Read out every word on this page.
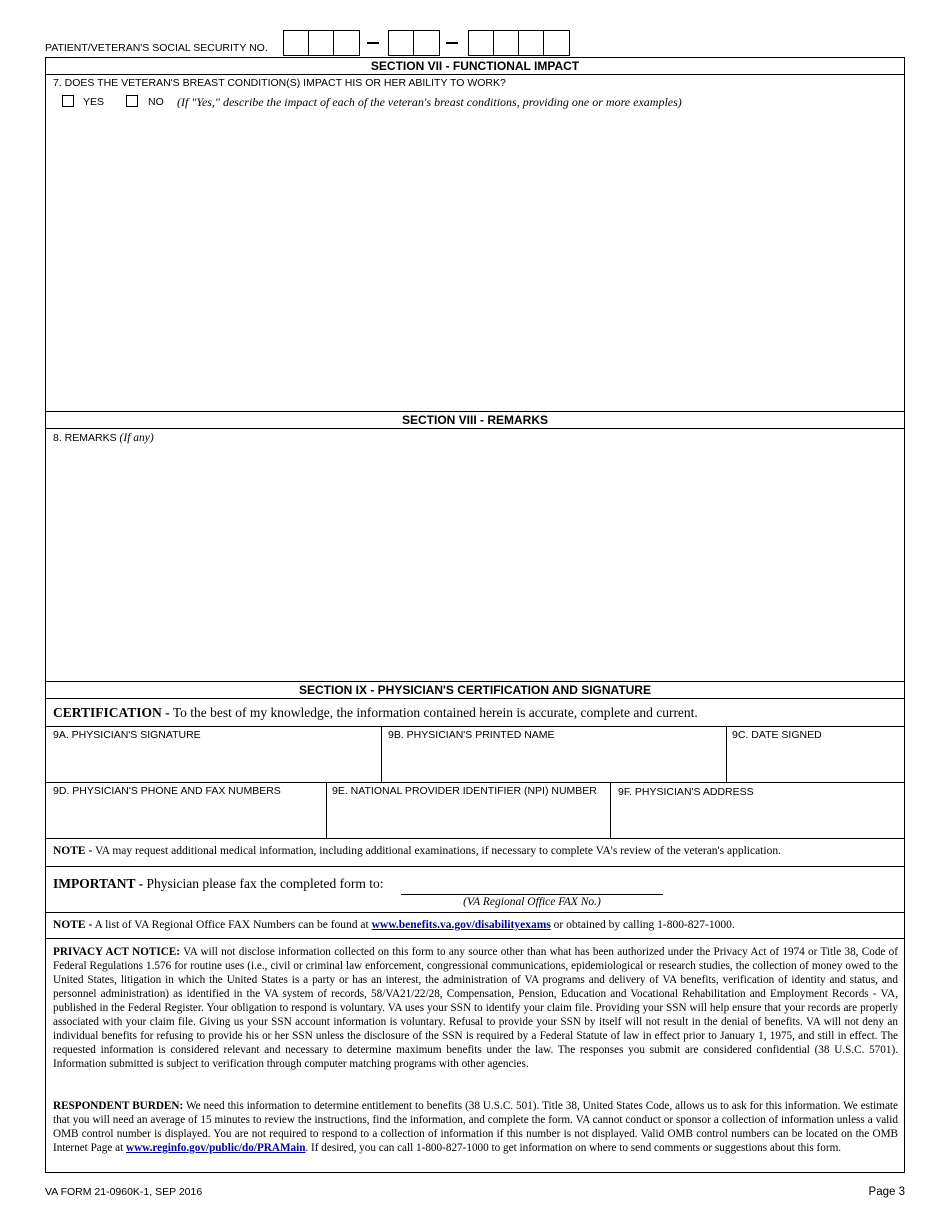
PATIENT/VETERAN'S SOCIAL SECURITY NO.
SECTION VII - FUNCTIONAL IMPACT
7. DOES THE VETERAN'S BREAST CONDITION(S) IMPACT HIS OR HER ABILITY TO WORK?
YES	NO (If "Yes," describe the impact of each of the veteran's breast conditions, providing one or more examples)
SECTION VIII - REMARKS
8. REMARKS (If any)
SECTION IX - PHYSICIAN'S CERTIFICATION AND SIGNATURE
CERTIFICATION - To the best of my knowledge, the information contained herein is accurate, complete and current.
9A. PHYSICIAN'S SIGNATURE	9B. PHYSICIAN'S PRINTED NAME	9C. DATE SIGNED
9D. PHYSICIAN'S PHONE AND FAX NUMBERS	9E. NATIONAL PROVIDER IDENTIFIER (NPI) NUMBER 9F. PHYSICIAN'S ADDRESS
NOTE - VA may request additional medical information, including additional examinations, if necessary to complete VA's review of the veteran's application.
IMPORTANT - Physician please fax the completed form to:
(VA Regional Office FAX No.)
NOTE - A list of VA Regional Office FAX Numbers can be found at www.benefits.va.gov/disabilityexams or obtained by calling 1-800-827-1000.
PRIVACY ACT NOTICE: VA will not disclose information collected on this form to any source other than what has been authorized under the Privacy Act of 1974 or Title 38, Code of Federal Regulations 1.576 for routine uses (i.e., civil or criminal law enforcement, congressional communications, epidemiological or research studies, the collection of money owed to the United States, litigation in which the United States is a party or has an interest, the administration of VA programs and delivery of VA benefits, verification of identity and status, and personnel administration) as identified in the VA system of records, 58/VA21/22/28, Compensation, Pension, Education and Vocational Rehabilitation and Employment Records - VA, published in the Federal Register. Your obligation to respond is voluntary. VA uses your SSN to identify your claim file. Providing your SSN will help ensure that your records are properly associated with your claim file. Giving us your SSN account information is voluntary. Refusal to provide your SSN by itself will not result in the denial of benefits. VA will not deny an individual benefits for refusing to provide his or her SSN unless the disclosure of the SSN is required by a Federal Statute of law in effect prior to January 1, 1975, and still in effect. The requested information is considered relevant and necessary to determine maximum benefits under the law. The responses you submit are considered confidential (38 U.S.C. 5701). Information submitted is subject to verification through computer matching programs with other agencies.
RESPONDENT BURDEN: We need this information to determine entitlement to benefits (38 U.S.C. 501). Title 38, United States Code, allows us to ask for this information. We estimate that you will need an average of 15 minutes to review the instructions, find the information, and complete the form. VA cannot conduct or sponsor a collection of information unless a valid OMB control number is displayed. You are not required to respond to a collection of information if this number is not displayed. Valid OMB control numbers can be located on the OMB Internet Page at www.reginfo.gov/public/do/PRAMain. If desired, you can call 1-800-827-1000 to get information on where to send comments or suggestions about this form.
VA FORM 21-0960K-1, SEP 2016	Page 3
